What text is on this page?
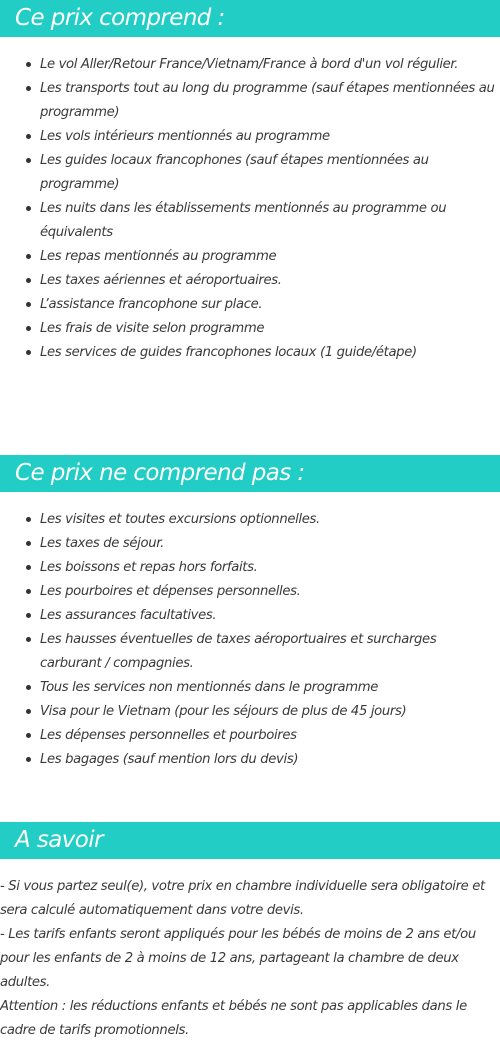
Ce prix comprend :
Le vol Aller/Retour France/Vietnam/France à bord d'un vol régulier.
Les transports tout au long du programme (sauf étapes mentionnées au programme)
Les vols intérieurs mentionnés au programme
Les guides locaux francophones (sauf étapes mentionnées au programme)
Les nuits dans les établissements mentionnés au programme ou équivalents
Les repas mentionnés au programme
Les taxes aériennes et aéroportuaires.
L’assistance francophone sur place.
Les frais de visite selon programme
Les services de guides francophones locaux (1 guide/étape)
Ce prix ne comprend pas :
Les visites et toutes excursions optionnelles.
Les taxes de séjour.
Les boissons et repas hors forfaits.
Les pourboires et dépenses personnelles.
Les assurances facultatives.
Les hausses éventuelles de taxes aéroportuaires et surcharges carburant / compagnies.
Tous les services non mentionnés dans le programme
Visa pour le Vietnam (pour les séjours de plus de 45 jours)
Les dépenses personnelles et pourboires
Les bagages (sauf mention lors du devis)
A savoir

- Si vous partez seul(e), votre prix en chambre individuelle sera obligatoire et sera calculé automatiquement dans votre devis.

- Les tarifs enfants seront appliqués pour les bébés de moins de 2 ans et/ou pour les enfants de 2 à moins de 12 ans, partageant la chambre de deux adultes.

Attention : les réductions enfants et bébés ne sont pas applicables dans le cadre de tarifs promotionnels.
